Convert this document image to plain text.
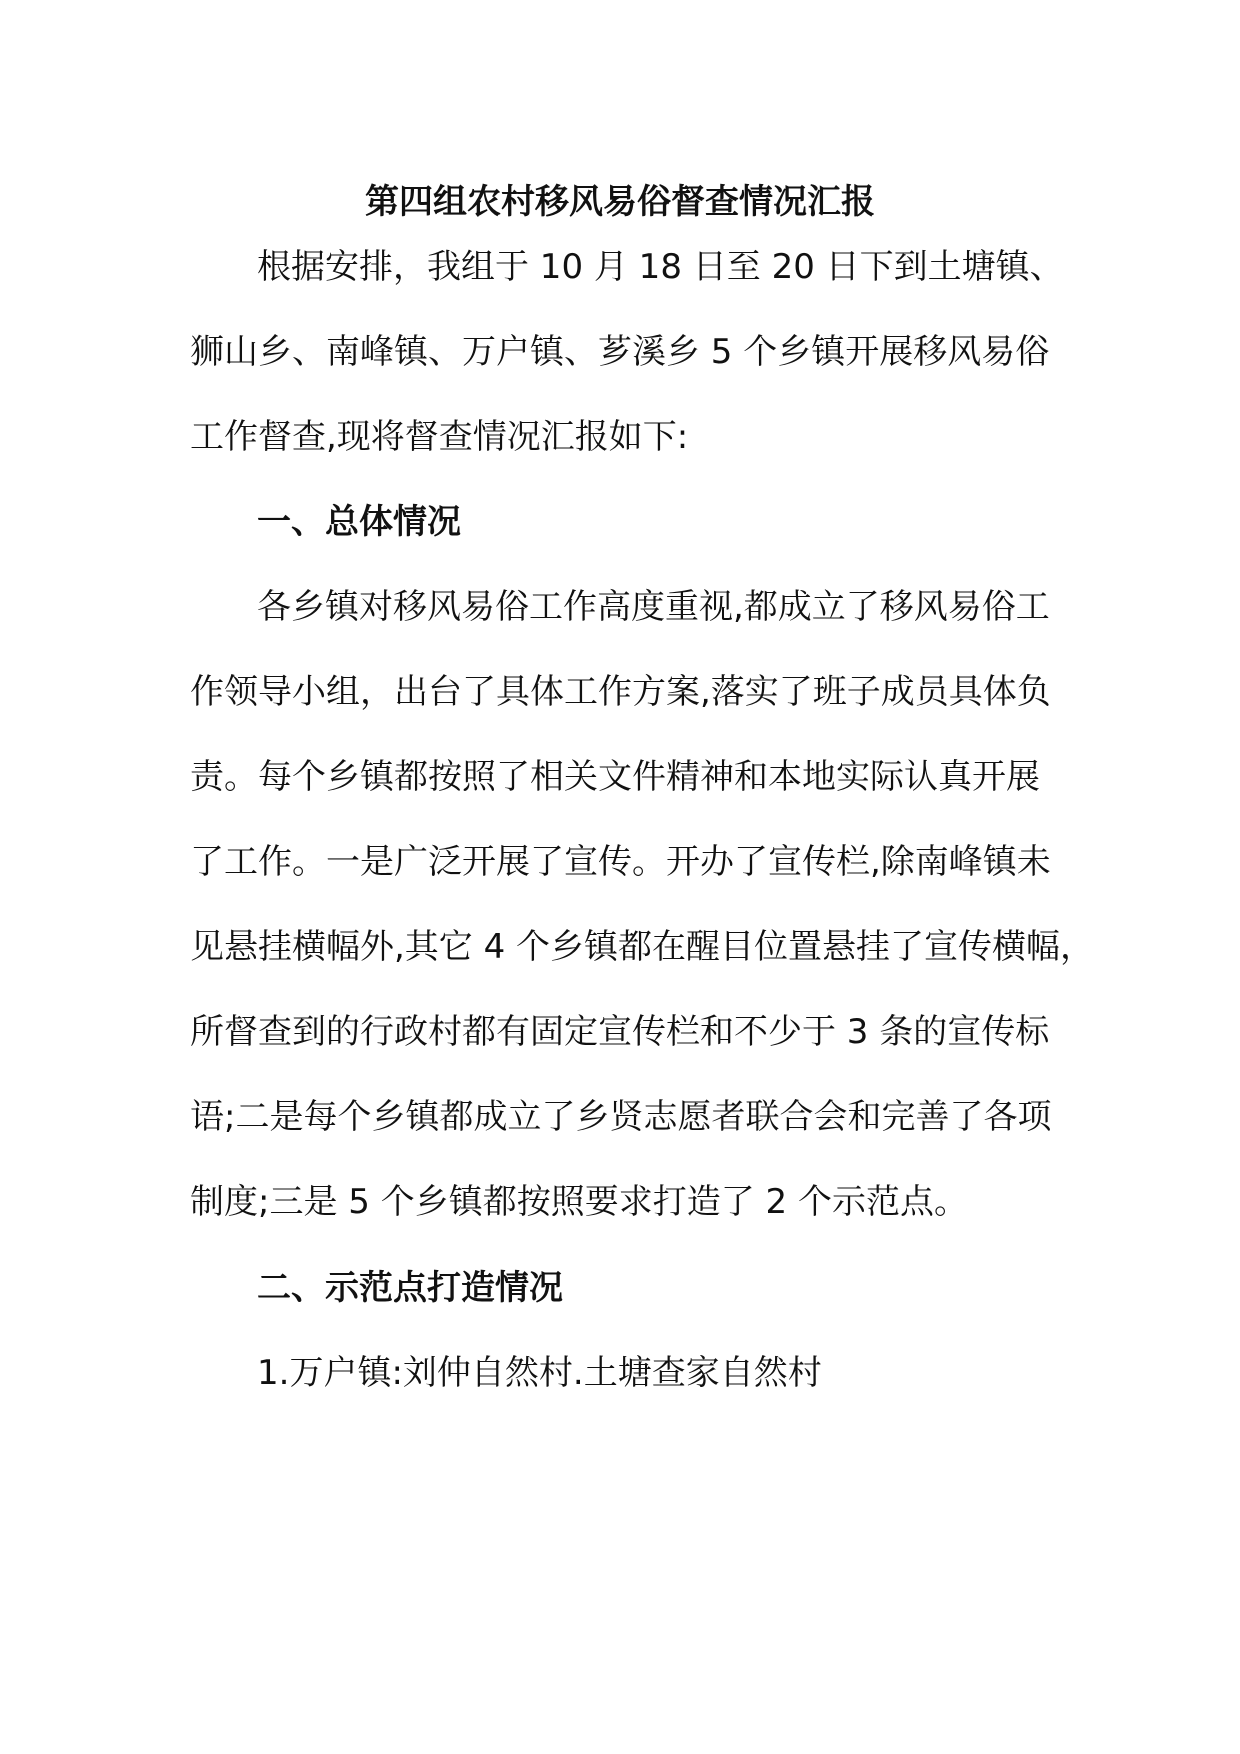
第四组农村移风易俗督查情况汇报
根据安排，我组于 10 月 18 日至 20 日下到土塘镇、
狮山乡、南峰镇、万户镇、芗溪乡 5 个乡镇开展移风易俗
工作督查,现将督查情况汇报如下:
一、总体情况
各乡镇对移风易俗工作高度重视,都成立了移风易俗工
作领导小组，出台了具体工作方案,落实了班子成员具体负
责。每个乡镇都按照了相关文件精神和本地实际认真开展
了工作。一是广泛开展了宣传。开办了宣传栏,除南峰镇未
见悬挂横幅外,其它 4 个乡镇都在醒目位置悬挂了宣传横幅，
所督查到的行政村都有固定宣传栏和不少于 3 条的宣传标
语;二是每个乡镇都成立了乡贤志愿者联合会和完善了各项
制度;三是 5 个乡镇都按照要求打造了 2 个示范点。
二、示范点打造情况
1.万户镇:刘仲自然村.土塘查家自然村
